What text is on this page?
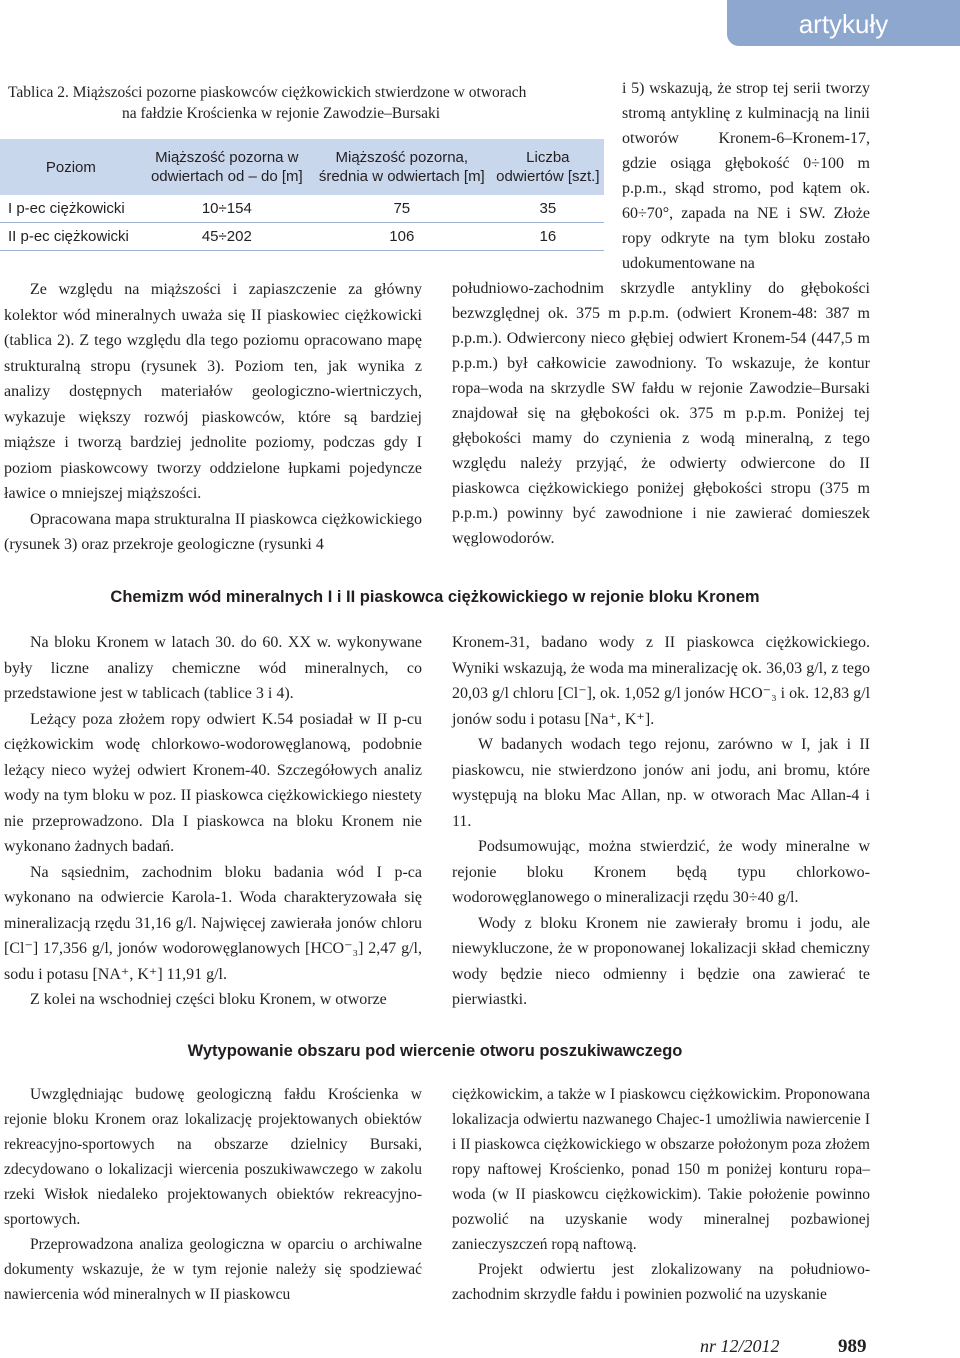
artykuły
Tablica 2. Miąższości pozorne piaskowców ciężkowickich stwierdzone w otworach
na fałdzie Krościenka w rejonie Zawodzie–Bursaki
Poziom	Miąższość pozorna w odwiertach od – do [m]	Miąższość pozorna, średnia w odwiertach [m]	Liczba odwiertów [szt.]
I p-ec ciężkowicki	10÷154	75	35
II p-ec ciężkowicki	45÷202	106	16
i 5) wskazują, że strop tej serii tworzy stromą antyklinę z kulminacją na linii otworów Kronem-6–Kronem-17, gdzie osiąga głębokość 0÷100 m p.p.m., skąd stromo, pod kątem ok. 60÷70°, zapada na NE i SW. Złoże ropy odkryte na tym bloku zostało udokumentowane na
południowo-zachodnim skrzydle antykliny do głębokości bezwzględnej ok. 375 m p.p.m. (odwiert Kronem-48: 387 m p.p.m.). Odwiercony nieco głębiej odwiert Kronem-54 (447,5 m p.p.m.) był całkowicie zawodniony. To wskazuje, że kontur ropa–woda na skrzydle SW fałdu w rejonie Zawodzie–Bursaki znajdował się na głębokości ok. 375 m p.p.m. Poniżej tej głębokości mamy do czynienia z wodą mineralną, z tego względu należy przyjąć, że odwierty odwiercone do II piaskowca ciężkowickiego poniżej głębokości stropu (375 m p.p.m.) powinny być zawodnione i nie zawierać domieszek węglowodorów.

Ze względu na miąższości i zapiaszczenie za główny kolektor wód mineralnych uważa się II piaskowiec ciężkowicki (tablica 2). Z tego względu dla tego poziomu opracowano mapę strukturalną stropu (rysunek 3). Poziom ten, jak wynika z analizy dostępnych materiałów geologiczno-wiertniczych, wykazuje większy rozwój piaskowców, które są bardziej miąższe i tworzą bardziej jednolite poziomy, podczas gdy I poziom piaskowcowy tworzy oddzielone łupkami pojedyncze ławice o mniejszej miąższości.

Opracowana mapa strukturalna II piaskowca ciężkowickiego (rysunek 3) oraz przekroje geologiczne (rysunki 4

Chemizm wód mineralnych I i II piaskowca ciężkowickiego w rejonie bloku Kronem

Na bloku Kronem w latach 30. do 60. XX w. wykonywane były liczne analizy chemiczne wód mineralnych, co przedstawione jest w tablicach (tablice 3 i 4).

Leżący poza złożem ropy odwiert K.54 posiadał w II p-cu ciężkowickim wodę chlorkowo-wodorowęglanową, podobnie leżący nieco wyżej odwiert Kronem-40. Szczegółowych analiz wody na tym bloku w poz. II piaskowca ciężkowickiego niestety nie przeprowadzono. Dla I piaskowca na bloku Kronem nie wykonano żadnych badań.

Na sąsiednim, zachodnim bloku badania wód I p-ca wykonano na odwiercie Karola-1. Woda charakteryzowała się mineralizacją rzędu 31,16 g/l. Najwięcej zawierała jonów chloru [Cl⁻] 17,356 g/l, jonów wodorowęglanowych [HCO⁻₃] 2,47 g/l, sodu i potasu [NA⁺, K⁺] 11,91 g/l.

Z kolei na wschodniej części bloku Kronem, w otworze

Kronem-31, badano wody z II piaskowca ciężkowickiego. Wyniki wskazują, że woda ma mineralizację ok. 36,03 g/l, z tego 20,03 g/l chloru [Cl⁻], ok. 1,052 g/l jonów HCO⁻₃ i ok. 12,83 g/l jonów sodu i potasu [Na⁺, K⁺].

W badanych wodach tego rejonu, zarówno w I, jak i II piaskowcu, nie stwierdzono jonów ani jodu, ani bromu, które występują na bloku Mac Allan, np. w otworach Mac Allan-4 i 11.

Podsumowując, można stwierdzić, że wody mineralne w rejonie bloku Kronem będą typu chlorkowo-wodorowęglanowego o mineralizacji rzędu 30÷40 g/l.

Wody z bloku Kronem nie zawierały bromu i jodu, ale niewykluczone, że w proponowanej lokalizacji skład chemiczny wody będzie nieco odmienny i będzie ona zawierać te pierwiastki.

Wytypowanie obszaru pod wiercenie otworu poszukiwawczego

Uwzględniając budowę geologiczną fałdu Krościenka w rejonie bloku Kronem oraz lokalizację projektowanych obiektów rekreacyjno-sportowych na obszarze dzielnicy Bursaki, zdecydowano o lokalizacji wiercenia poszukiwawczego w zakolu rzeki Wisłok niedaleko projektowanych obiektów rekreacyjno-sportowych.

Przeprowadzona analiza geologiczna w oparciu o archiwalne dokumenty wskazuje, że w tym rejonie należy się spodziewać nawiercenia wód mineralnych w II piaskowcu

ciężkowickim, a także w I piaskowcu ciężkowickim. Proponowana lokalizacja odwiertu nazwanego Chajec-1 umożliwia nawiercenie I i II piaskowca ciężkowickiego w obszarze położonym poza złożem ropy naftowej Krościenko, ponad 150 m poniżej konturu ropa–woda (w II piaskowcu ciężkowickim). Takie położenie powinno pozwolić na uzyskanie wody mineralnej pozbawionej zanieczyszczeń ropą naftową.

Projekt odwiertu jest zlokalizowany na południowo-zachodnim skrzydle fałdu i powinien pozwolić na uzyskanie

nr 12/2012	989
